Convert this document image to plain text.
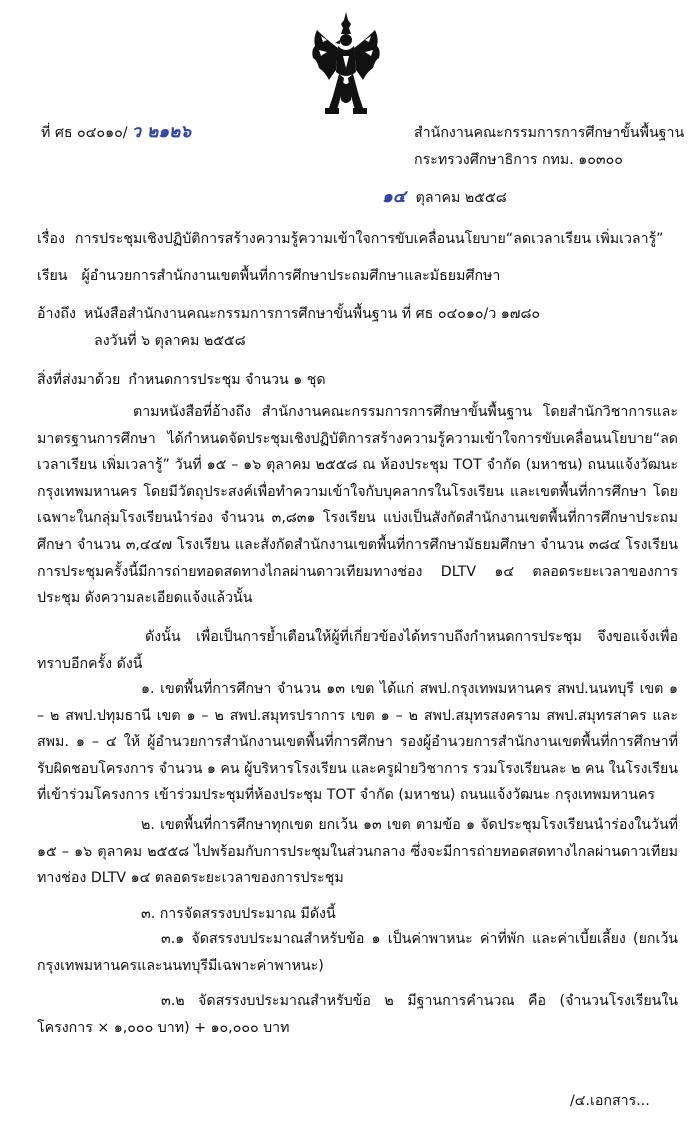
ที่ ศธ ๐๔๐๑๐/ ว ๒๑๒๖	สำนักงานคณะกรรมการการศึกษาขั้นพื้นฐาน
กระทรวงศึกษาธิการ กทม. ๑๐๓๐๐
๑๔ ตุลาคม ๒๕๕๘
เรื่อง การประชุมเชิงปฏิบัติการสร้างความรู้ความเข้าใจการขับเคลื่อนนโยบาย“ลดเวลาเรียน เพิ่มเวลารู้”
เรียน ผู้อำนวยการสำนักงานเขตพื้นที่การศึกษาประถมศึกษาและมัธยมศึกษา
อ้างถึง หนังสือสำนักงานคณะกรรมการการศึกษาขั้นพื้นฐาน ที่ ศธ ๐๔๐๑๐/ว ๑๗๘๐
ลงวันที่ ๖ ตุลาคม ๒๕๕๘
สิ่งที่ส่งมาด้วย กำหนดการประชุม จำนวน ๑ ชุด
ตามหนังสือที่อ้างถึง สำนักงานคณะกรรมการการศึกษาขั้นพื้นฐาน โดยสำนักวิชาการและมาตรฐานการศึกษา ได้กำหนดจัดประชุมเชิงปฏิบัติการสร้างความรู้ความเข้าใจการขับเคลื่อนนโยบาย“ลดเวลาเรียน เพิ่มเวลารู้” วันที่ ๑๕ – ๑๖ ตุลาคม ๒๕๕๘ ณ ห้องประชุม TOT จำกัด (มหาชน) ถนนแจ้งวัฒนะ กรุงเทพมหานคร โดยมีวัตถุประสงค์เพื่อทำความเข้าใจกับบุคลากรในโรงเรียน และเขตพื้นที่การศึกษา โดยเฉพาะในกลุ่มโรงเรียนนำร่อง จำนวน ๓,๘๓๑ โรงเรียน แบ่งเป็นสังกัดสำนักงานเขตพื้นที่การศึกษาประถมศึกษา จำนวน ๓,๔๔๗ โรงเรียน และสังกัดสำนักงานเขตพื้นที่การศึกษามัธยมศึกษา จำนวน ๓๘๔ โรงเรียน การประชุมครั้งนี้มีการถ่ายทอดสดทางไกลผ่านดาวเทียมทางช่อง DLTV ๑๔ ตลอดระยะเวลาของการประชุม ดังความละเอียดแจ้งแล้วนั้น
ดังนั้น เพื่อเป็นการย้ำเตือนให้ผู้ที่เกี่ยวข้องได้ทราบถึงกำหนดการประชุม จึงขอแจ้งเพื่อทราบอีกครั้ง ดังนี้
๑. เขตพื้นที่การศึกษา จำนวน ๑๓ เขต ได้แก่ สพป.กรุงเทพมหานคร สพป.นนทบุรี เขต ๑ – ๒ สพป.ปทุมธานี เขต ๑ – ๒ สพป.สมุทรปราการ เขต ๑ – ๒ สพป.สมุทรสงคราม สพป.สมุทรสาคร และสพม. ๑ – ๔ ให้ ผู้อำนวยการสำนักงานเขตพื้นที่การศึกษา รองผู้อำนวยการสำนักงานเขตพื้นที่การศึกษาที่รับผิดชอบโครงการ จำนวน ๑ คน ผู้บริหารโรงเรียน และครูฝ่ายวิชาการ รวมโรงเรียนละ ๒ คน ในโรงเรียนที่เข้าร่วมโครงการ เข้าร่วมประชุมที่ห้องประชุม TOT จำกัด (มหาชน) ถนนแจ้งวัฒนะ กรุงเทพมหานคร
๒. เขตพื้นที่การศึกษาทุกเขต ยกเว้น ๑๓ เขต ตามข้อ ๑ จัดประชุมโรงเรียนนำร่องในวันที่ ๑๕ – ๑๖ ตุลาคม ๒๕๕๘ ไปพร้อมกับการประชุมในส่วนกลาง ซึ่งจะมีการถ่ายทอดสดทางไกลผ่านดาวเทียมทางช่อง DLTV ๑๔ ตลอดระยะเวลาของการประชุม
๓. การจัดสรรงบประมาณ มีดังนี้
๓.๑ จัดสรรงบประมาณสำหรับข้อ ๑ เป็นค่าพาหนะ ค่าที่พัก และค่าเบี้ยเลี้ยง (ยกเว้นกรุงเทพมหานครและนนทบุรีมีเฉพาะค่าพาหนะ)
๓.๒ จัดสรรงบประมาณสำหรับข้อ ๒ มีฐานการคำนวณ คือ (จำนวนโรงเรียนในโครงการ × ๑,๐๐๐ บาท) + ๑๐,๐๐๐ บาท
/๔.เอกสาร...
